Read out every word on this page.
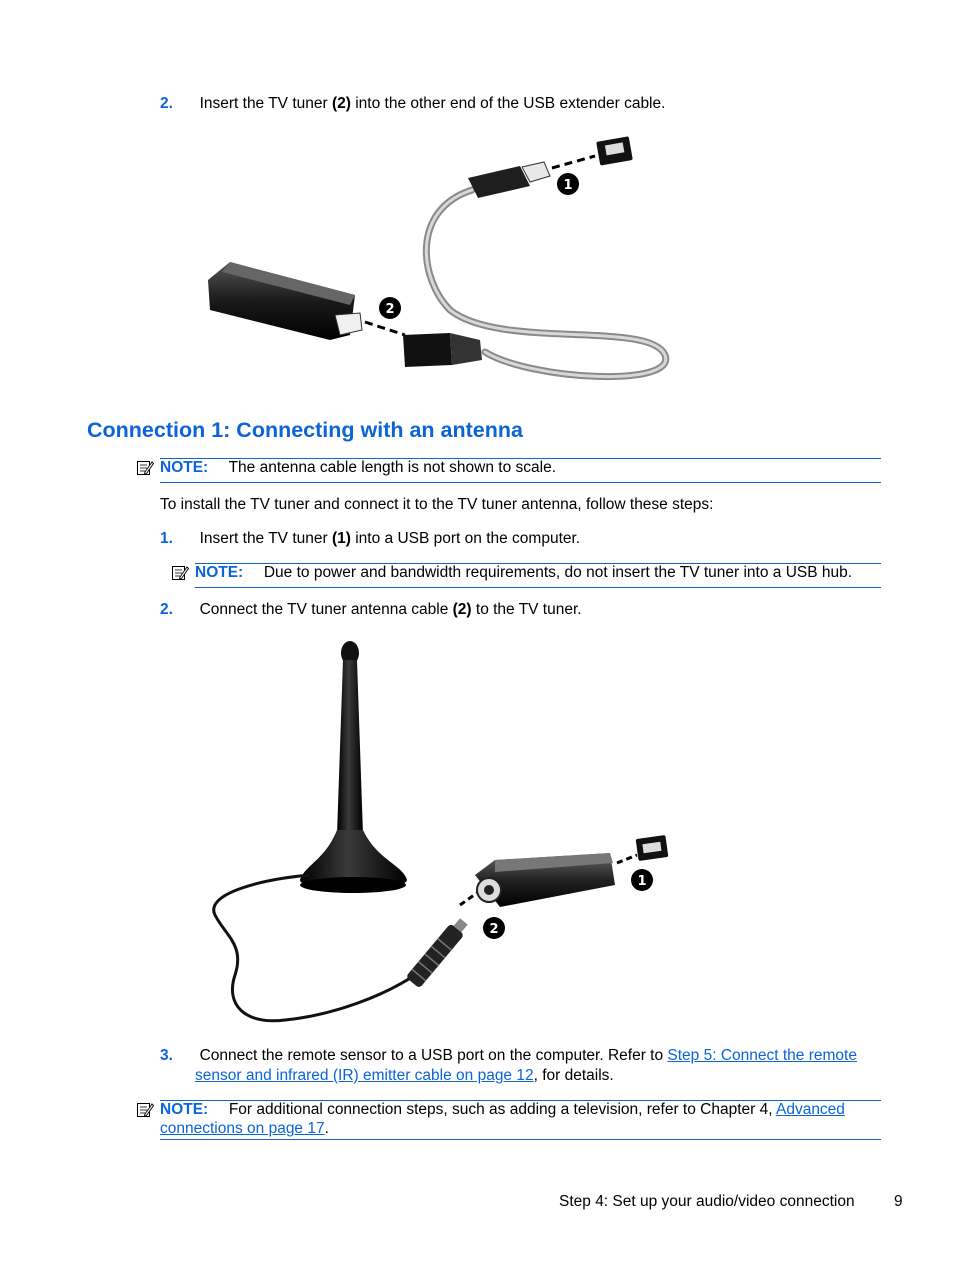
2. Insert the TV tuner (2) into the other end of the USB extender cable.
1
2
Connection 1: Connecting with an antenna
NOTE: The antenna cable length is not shown to scale.
To install the TV tuner and connect it to the TV tuner antenna, follow these steps:
1. Insert the TV tuner (1) into a USB port on the computer.
NOTE: Due to power and bandwidth requirements, do not insert the TV tuner into a USB hub.
2. Connect the TV tuner antenna cable (2) to the TV tuner.
1
2
3. Connect the remote sensor to a USB port on the computer. Refer to Step 5: Connect the remote
sensor and infrared (IR) emitter cable on page 12, for details.
NOTE: For additional connection steps, such as adding a television, refer to Chapter 4, Advanced
connections on page 17.
Step 4: Set up your audio/video connection	9
